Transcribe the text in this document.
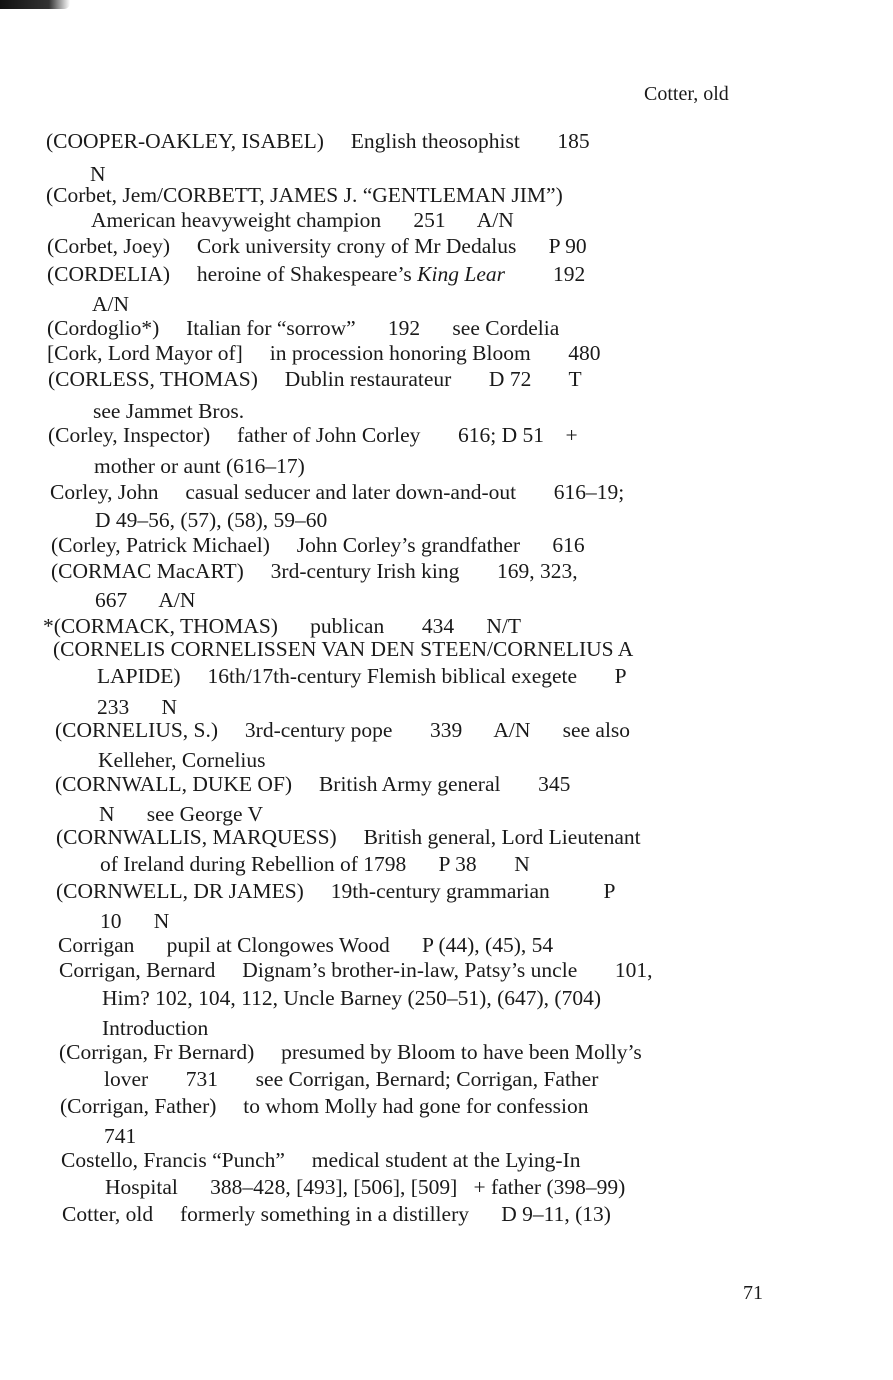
Cotter, old
(COOPER-OAKLEY, ISABEL)     English theosophist       185
N
(Corbet, Jem/CORBETT, JAMES J. “GENTLEMAN JIM”)
American heavyweight champion      251      A/N
(Corbet, Joey)     Cork university crony of Mr Dedalus      P 90
(CORDELIA)     heroine of Shakespeare’s King Lear 192
A/N
(Cordoglio*)     Italian for “sorrow”      192      see Cordelia
[Cork, Lord Mayor of]     in procession honoring Bloom       480
(CORLESS, THOMAS)     Dublin restaurateur       D 72       T
see Jammet Bros.
(Corley, Inspector)     father of John Corley       616; D 51    +
mother or aunt (616–17)
Corley, John     casual seducer and later down-and-out       616–19;
D 49–56, (57), (58), 59–60
(Corley, Patrick Michael)     John Corley’s grandfather      616
(CORMAC MacART)     3rd-century Irish king       169, 323,
667      A/N
*(CORMACK, THOMAS)      publican       434      N/T
(CORNELIS CORNELISSEN VAN DEN STEEN/CORNELIUS A
LAPIDE)     16th/17th-century Flemish biblical exegete       P
233      N
(CORNELIUS, S.)     3rd-century pope       339      A/N      see also
Kelleher, Cornelius
(CORNWALL, DUKE OF)     British Army general       345
N      see George V
(CORNWALLIS, MARQUESS)     British general, Lord Lieutenant
of Ireland during Rebellion of 1798      P 38       N
(CORNWELL, DR JAMES)     19th-century grammarian          P
10      N
Corrigan      pupil at Clongowes Wood      P (44), (45), 54
Corrigan, Bernard     Dignam’s brother-in-law, Patsy’s uncle       101,
Him? 102, 104, 112, Uncle Barney (250–51), (647), (704)
Introduction
(Corrigan, Fr Bernard)     presumed by Bloom to have been Molly’s
lover       731       see Corrigan, Bernard; Corrigan, Father
(Corrigan, Father)     to whom Molly had gone for confession
741
Costello, Francis “Punch”     medical student at the Lying-In
Hospital      388–428, [493], [506], [509]   + father (398–99)
Cotter, old     formerly something in a distillery      D 9–11, (13)
71
